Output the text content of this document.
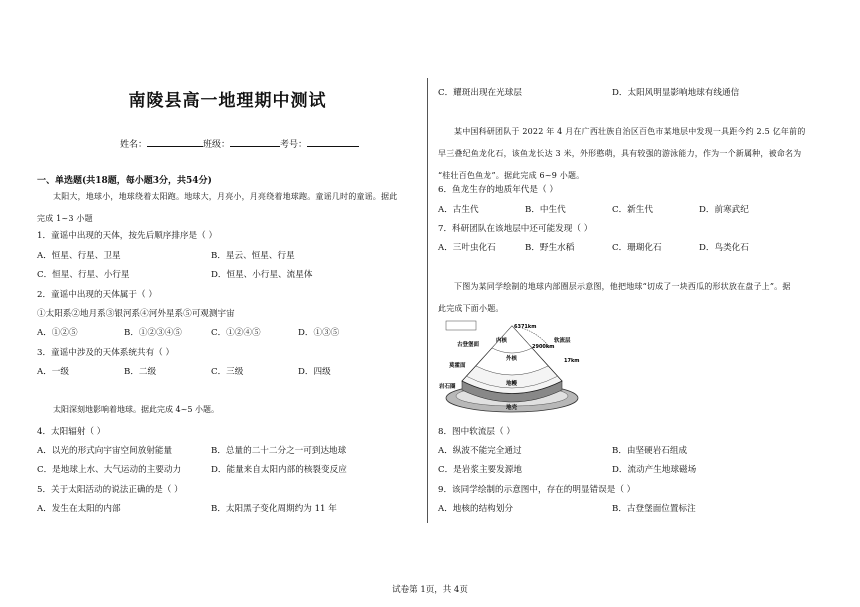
南陵县高一地理期中测试
姓名：	班级：	考号：
一、单选题(共18题，每小题3分，共54分)
太阳大，地球小，地球绕着太阳跑。地球大，月亮小，月亮绕着地球跑。童谣几时的童谣。据此
完成 1~3 小题
1．童谣中出现的天体，按先后顺序排序是（ ）
A．恒星、行星、卫星	B．星云、恒星、行星
C．恒星、行星、小行星	D．恒星、小行星、流星体
2．童谣中出现的天体属于（ ）
①太阳系②地月系③银河系④河外星系⑤可观测宇宙
A．①②⑤	B．①②③④⑤	C．①②④⑤	D．①③⑤
3．童谣中涉及的天体系统共有（ ）
A．一级	B．二级	C．三级	D．四级
太阳深刻地影响着地球。据此完成 4~5 小题。
4．太阳辐射（ ）
A．以光的形式向宇宙空间放射能量	B．总量的二十二分之一可到达地球
C．是地球上水、大气运动的主要动力	D．能量来自太阳内部的核裂变反应
5．关于太阳活动的说法正确的是（ ）
A．发生在太阳的内部	B．太阳黑子变化周期约为 11 年
C．耀斑出现在光球层	D．太阳风明显影响地球有线通信
某中国科研团队于 2022 年 4 月在广西壮族自治区百色市某地层中发现一具距今约 2.5 亿年前的
早三叠纪鱼龙化石，该鱼龙长达 3 米，外形憨萌，具有较强的游泳能力，作为一个新属种，被命名为
“桂壮百色鱼龙”。据此完成 6~9 小题。
6．鱼龙生存的地质年代是（ ）
A．古生代	B．中生代	C．新生代	D．前寒武纪
7．科研团队在该地层中还可能发现（ ）
A．三叶虫化石	B．野生水稻	C．珊瑚化石	D．鸟类化石
下图为某同学绘制的地球内部圈层示意图，他把地球“切成了一块西瓜的形状放在盘子上”。据
此完成下面小题。
6371km
古登堡面
内核
2900km
软流层
17km
莫霍面
外核
岩石圈	地幔
地壳
8．图中软流层（ ）
A．纵波不能完全通过	B．由坚硬岩石组成
C．是岩浆主要发源地	D．流动产生地球磁场
9．该同学绘制的示意图中，存在的明显错误是（ ）
A．地核的结构划分	B．古登堡面位置标注
试卷第 1页，共 4页
